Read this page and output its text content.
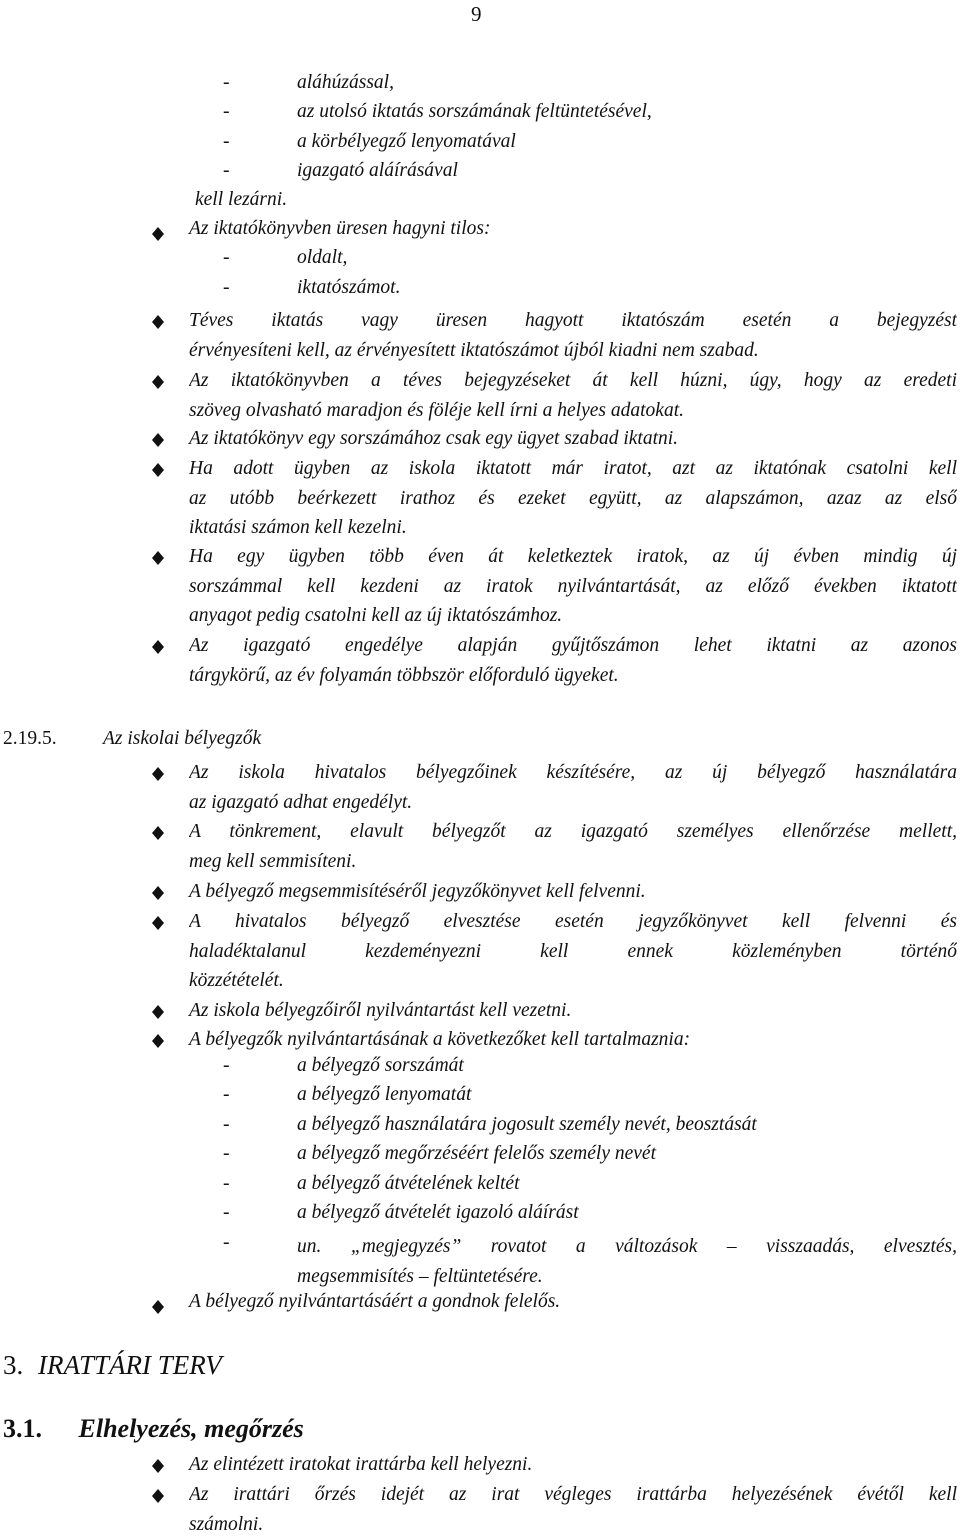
9
-	aláhúzással,
-	az utolsó iktatás sorszámának feltüntetésével,
-	a körbélyegző lenyomatával
-	igazgató aláírásával
kell lezárni.
Az iktatókönyvben üresen hagyni tilos:
-	oldalt,
-	iktatószámot.
Téves iktatás vagy üresen hagyott iktatószám esetén a bejegyzést
érvényesíteni kell, az érvényesített iktatószámot újból kiadni nem szabad.
Az iktatókönyvben a téves bejegyzéseket át kell húzni, úgy, hogy az eredeti
szöveg olvasható maradjon és föléje kell írni a helyes adatokat.
Az iktatókönyv egy sorszámához csak egy ügyet szabad iktatni.
Ha adott ügyben az iskola iktatott már iratot, azt az iktatónak csatolni kell
az utóbb beérkezett irathoz és ezeket együtt, az alapszámon, azaz az első
iktatási számon kell kezelni.
Ha egy ügyben több éven át keletkeztek iratok, az új évben mindig új
sorszámmal kell kezdeni az iratok nyilvántartását, az előző években iktatott
anyagot pedig csatolni kell az új iktatószámhoz.
Az igazgató engedélye alapján gyűjtőszámon lehet iktatni az azonos
tárgykörű, az év folyamán többször előforduló ügyeket.
2.19.5. Az iskolai bélyegzők
Az iskola hivatalos bélyegzőinek készítésére, az új bélyegző használatára
az igazgató adhat engedélyt.
A tönkrement, elavult bélyegzőt az igazgató személyes ellenőrzése mellett,
meg kell semmisíteni.
A bélyegző megsemmisítéséről jegyzőkönyvet kell felvenni.
A hivatalos bélyegző elvesztése esetén jegyzőkönyvet kell felvenni és
haladéktalanul kezdeményezni kell ennek közleményben történő
közzétételét.
Az iskola bélyegzőiről nyilvántartást kell vezetni.
A bélyegzők nyilvántartásának a következőket kell tartalmaznia:
-	a bélyegző sorszámát
-	a bélyegző lenyomatát
-	a bélyegző használatára jogosult személy nevét, beosztását
-	a bélyegző megőrzéséért felelős személy nevét
-	a bélyegző átvételének keltét
-	a bélyegző átvételét igazoló aláírást
-	un. „megjegyzés” rovatot a változások – visszaadás, elvesztés,
megsemmisítés – feltüntetésére.
A bélyegző nyilvántartásáért a gondnok felelős.
3. IRATTÁRI TERV
3.1. Elhelyezés, megőrzés
Az elintézett iratokat irattárba kell helyezni.
Az irattári őrzés idejét az irat végleges irattárba helyezésének évétől kell
számolni.
